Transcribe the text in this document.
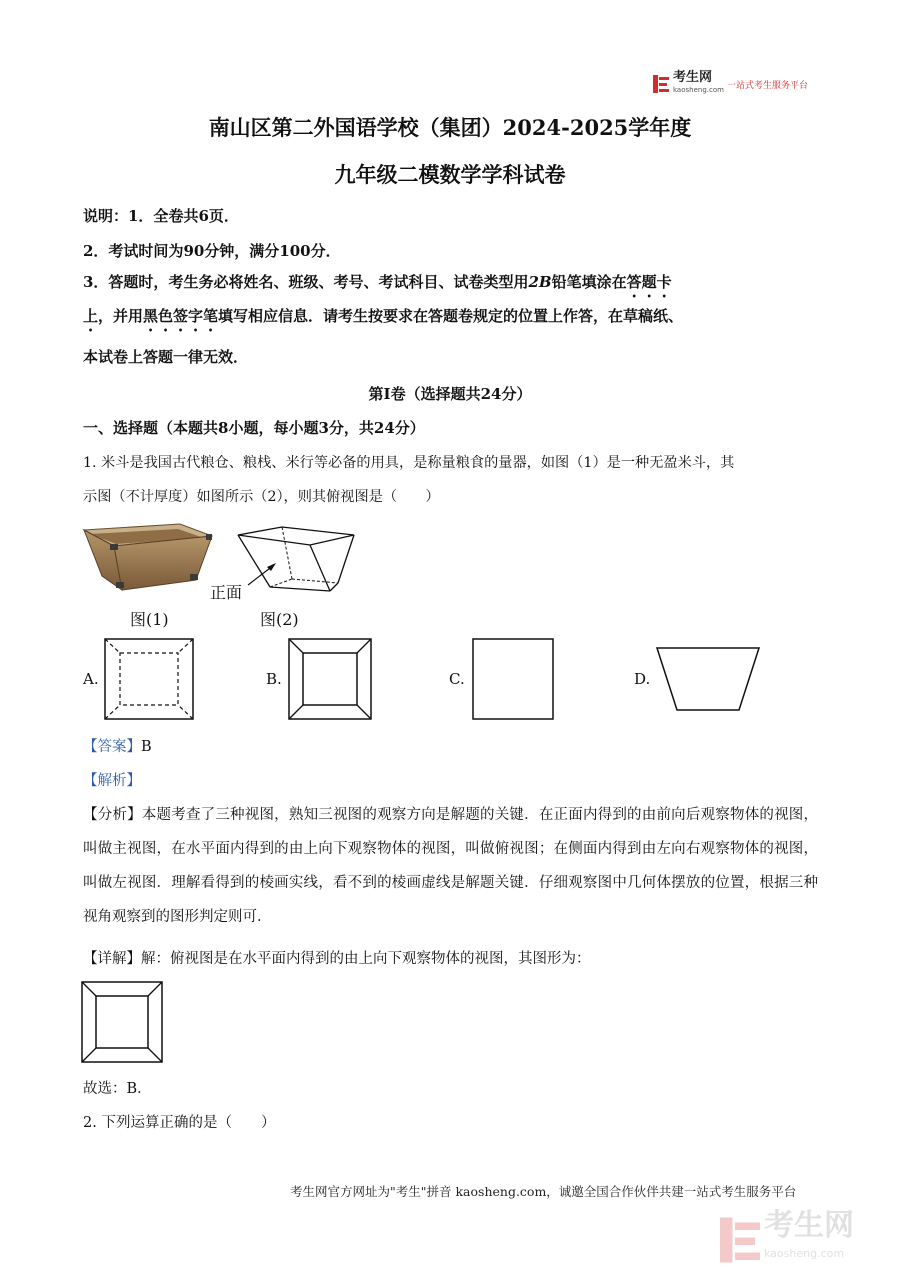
考生网
kaosheng.com 一站式考生服务平台
南山区第二外国语学校（集团）2024-2025学年度
九年级二模数学学科试卷
说明：1．全卷共6页．
2．考试时间为90分钟，满分100分．
3．答题时，考生务必将姓名、班级、考号、考试科目、试卷类型用2B铅笔填涂在答题卡
上，并用黑色签字笔填写相应信息．请考生按要求在答题卷规定的位置上作答，在草稿纸、
本试卷上答题一律无效．
第Ⅰ卷（选择题共24分）
一、选择题（本题共8小题，每小题3分，共24分）
1. 米斗是我国古代粮仓、粮栈、米行等必备的用具，是称量粮食的量器，如图（1）是一种无盈米斗，其
示图（不计厚度）如图所示（2），则其俯视图是（　　）
图(1)
正面
图(2)
A.	B.	C.	D.
【答案】B
【解析】
【分析】本题考查了三种视图，熟知三视图的观察方向是解题的关键．在正面内得到的由前向后观察物体的视图，叫做主视图，在水平面内得到的由上向下观察物体的视图，叫做俯视图；在侧面内得到由左向右观察物体的视图，叫做左视图．理解看得到的棱画实线，看不到的棱画虚线是解题关键．仔细观察图中几何体摆放的位置，根据三种视角观察到的图形判定则可．
【详解】解：俯视图是在水平面内得到的由上向下观察物体的视图，其图形为：
故选：B．
2. 下列运算正确的是（　　）
考生网官方网址为"考生"拼音 kaosheng.com，诚邀全国合作伙伴共建一站式考生服务平台
考生网
kaosheng.com
